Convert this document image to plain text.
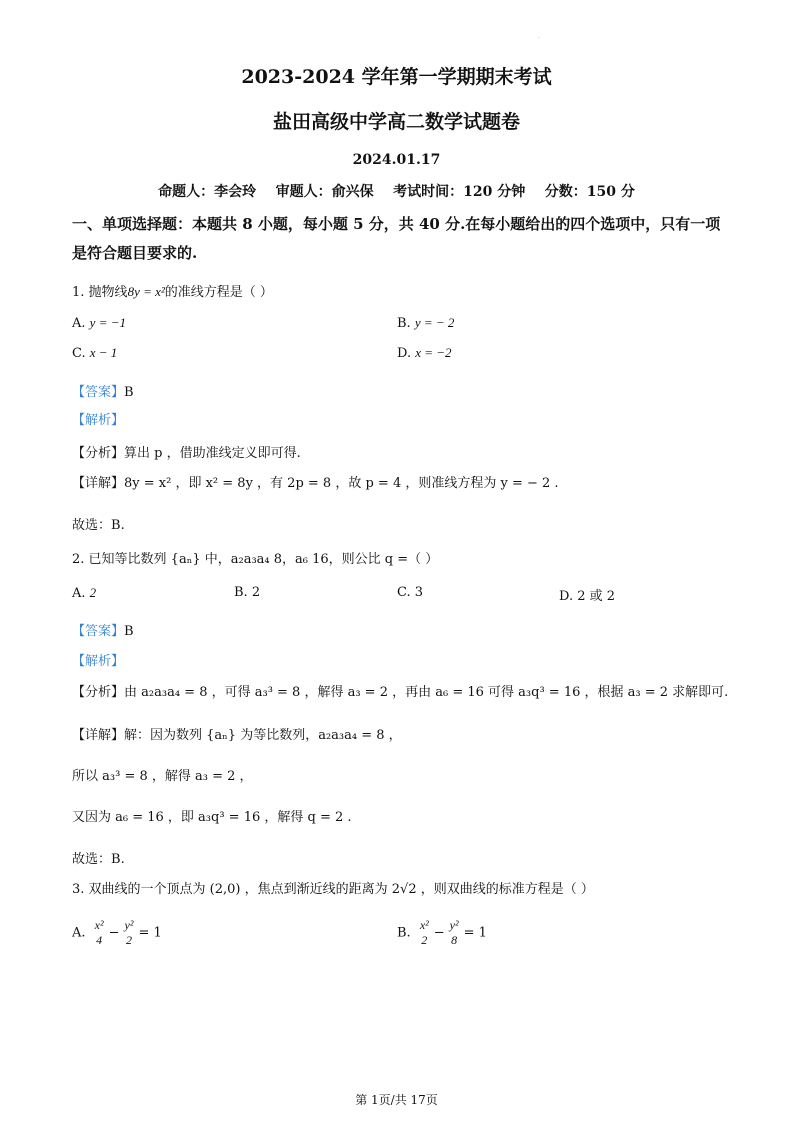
.
2023-2024 学年第一学期期末考试
盐田高级中学高二数学试题卷
2024.01.17
命题人：李会玲    审题人：俞兴保    考试时间：120 分钟    分数：150 分
一、单项选择题：本题共 8 小题，每小题 5 分，共 40 分.在每小题给出的四个选项中，只有一项是符合题目要求的.
1. 抛物线8y = x²的准线方程是（ ）
A. y = −1	B. y = − 2
C. x − 1	D. x = −2
【答案】B
【解析】
【分析】算出 p ，借助准线定义即可得.
【详解】8y = x² ，即 x² = 8y ，有 2p = 8 ，故 p = 4 ，则准线方程为 y = − 2 .
故选：B.
2. 已知等比数列 {aₙ} 中，a₂a₃a₄ 8，a₆ 16，则公比 q =（ ）
A. 2	B. 2	C. 3	D. 2 或 2
【答案】B
【解析】
【分析】由 a₂a₃a₄ = 8 ，可得 a₃³ = 8 ，解得 a₃ = 2 ，再由 a₆ = 16 可得 a₃q³ = 16 ，根据 a₃ = 2 求解即可.
【详解】解：因为数列 {aₙ} 为等比数列，a₂a₃a₄ = 8 ，
所以 a₃³ = 8 ，解得 a₃ = 2 ，
又因为 a₆ = 16 ，即 a₃q³ = 16 ，解得 q = 2 .
故选：B.
3. 双曲线的一个顶点为 (2,0) ，焦点到渐近线的距离为 2√2 ，则双曲线的标准方程是（ ）
A.
x²
4 −
y²
2 = 1	B.
x²
2 −
y²
8 = 1
第 1页/共 17页
